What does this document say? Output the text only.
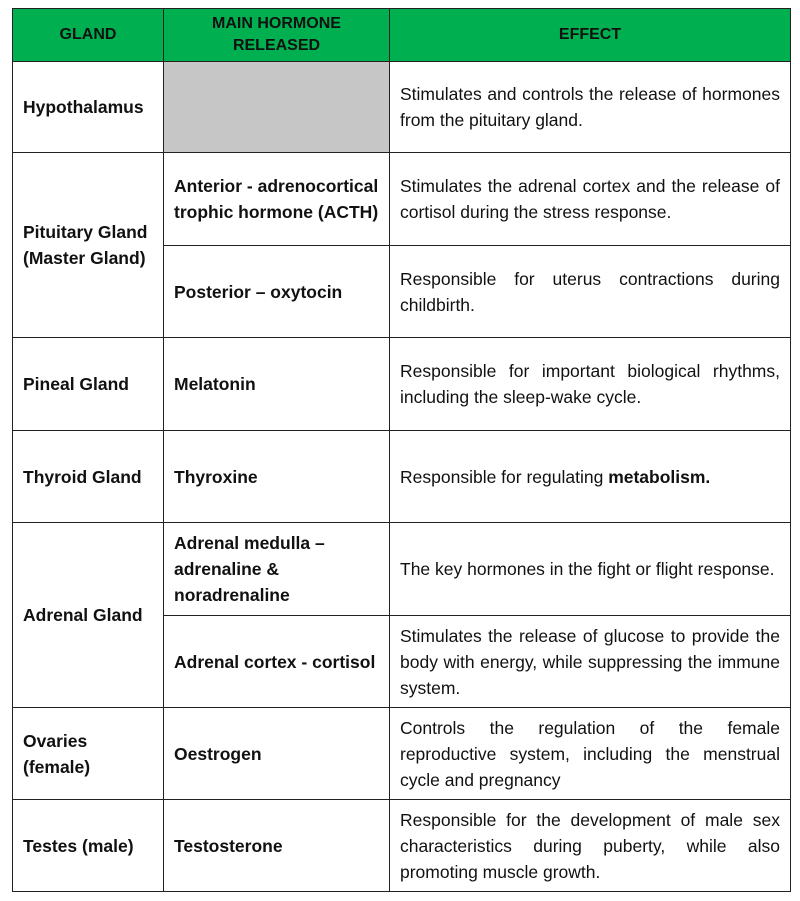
GLAND	MAIN HORMONE RELEASED	EFFECT
Hypothalamus		Stimulates and controls the release of hormones from the pituitary gland.
Pituitary Gland (Master Gland)	Anterior - adrenocortical trophic hormone (ACTH)	Stimulates the adrenal cortex and the release of cortisol during the stress response.
	Posterior – oxytocin	Responsible for uterus contractions during childbirth.
Pineal Gland	Melatonin	Responsible for important biological rhythms, including the sleep-wake cycle.
Thyroid Gland	Thyroxine	Responsible for regulating metabolism.
Adrenal Gland	Adrenal medulla – adrenaline & noradrenaline	The key hormones in the fight or flight response.
	Adrenal cortex - cortisol	Stimulates the release of glucose to provide the body with energy, while suppressing the immune system.
Ovaries (female)	Oestrogen	Controls the regulation of the female reproductive system, including the menstrual cycle and pregnancy
Testes (male)	Testosterone	Responsible for the development of male sex characteristics during puberty, while also promoting muscle growth.
